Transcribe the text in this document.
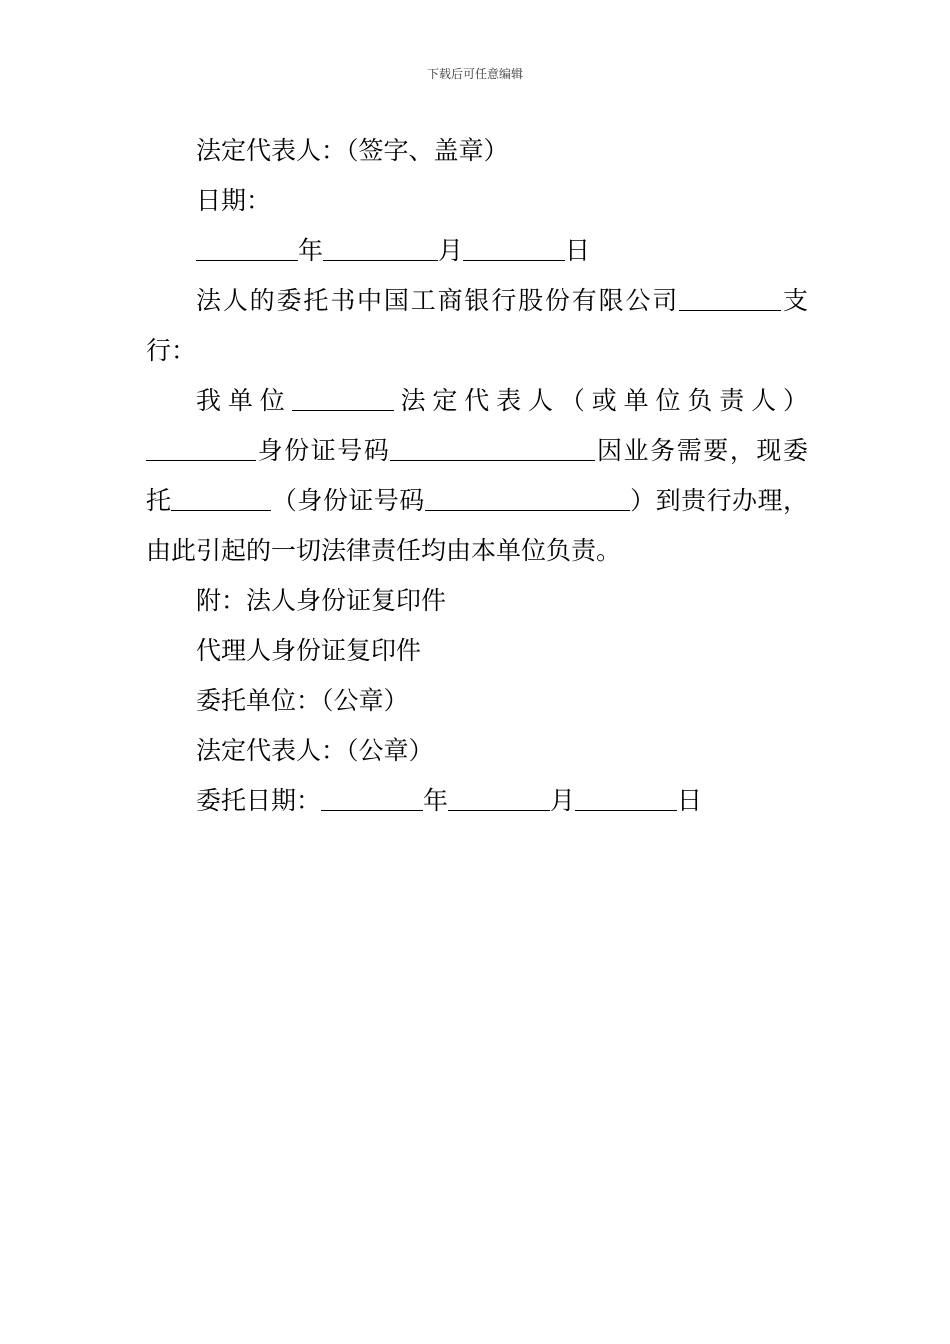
下载后可任意编辑
法定代表人：（签字、盖章）
日期：
年	月	日
法人的委托书中国工商银行股份有限公司	支行：
我单位	法定代表人（或单位负责人）身份证号码	因业务需要，现委托	（身份证号码	）到贵行办理，由此引起的一切法律责任均由本单位负责。
附：法人身份证复印件
代理人身份证复印件
委托单位：（公章）
法定代表人：（公章）
委托日期：	年	月	日
